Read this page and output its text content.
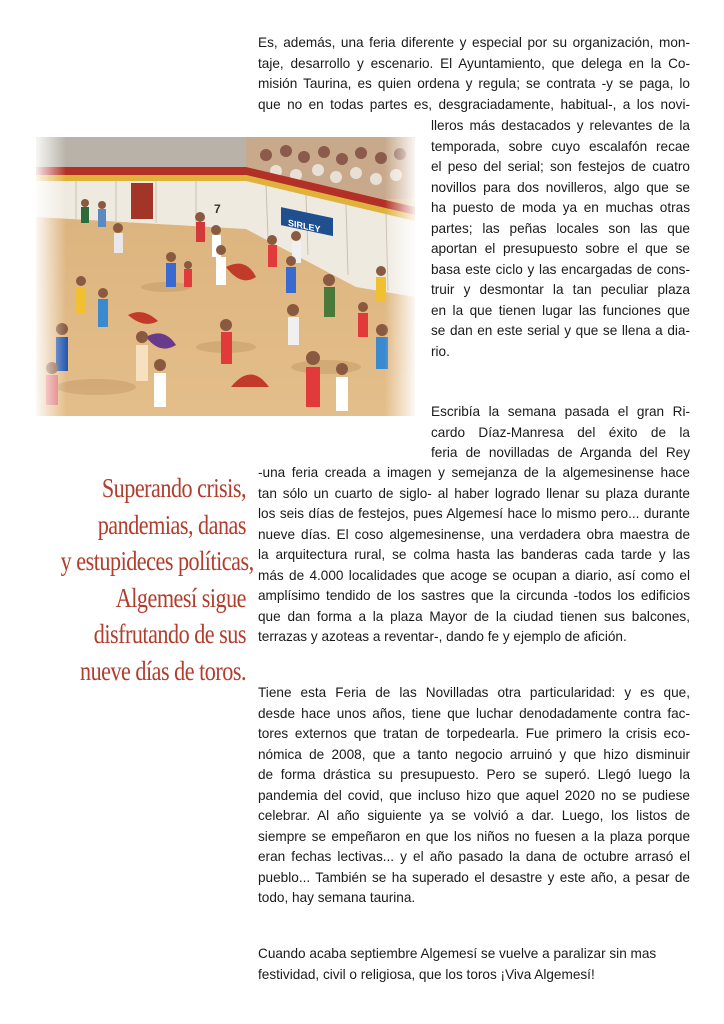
Es, además, una feria diferente y especial por su organización, mon-
taje, desarrollo y escenario. El Ayuntamiento, que delega en la Co-
misión Taurina, es quien ordena y regula; se contrata -y se paga, lo
que no en todas partes es, desgraciadamente, habitual-, a los novi-
lleros más destacados y relevantes de la
temporada, sobre cuyo escalafón recae
el peso del serial; son festejos de cuatro
novillos para dos novilleros, algo que se
ha puesto de moda ya en muchas otras
partes; las peñas locales son las que
aportan el presupuesto sobre el que se
basa este ciclo y las encargadas de cons-
truir y desmontar la tan peculiar plaza
en la que tienen lugar las funciones que
se dan en este serial y que se llena a dia-
rio.
Escribía la semana pasada el gran Ri-
cardo Díaz-Manresa del éxito de la
feria de novilladas de Arganda del Rey
-una feria creada a imagen y semejanza de la algemesinense hace
tan sólo un cuarto de siglo- al haber logrado llenar su plaza durante
los seis días de festejos, pues Algemesí hace lo mismo pero... durante
nueve días. El coso algemesinense, una verdadera obra maestra de
la arquitectura rural, se colma hasta las banderas cada tarde y las
más de 4.000 localidades que acoge se ocupan a diario, así como el
amplísimo tendido de los sastres que la circunda -todos los edificios
que dan forma a la plaza Mayor de la ciudad tienen sus balcones,
terrazas y azoteas a reventar-, dando fe y ejemplo de afición.
Superando crisis,
pandemias, danas
y estupideces políticas,
Algemesí sigue
disfrutando de sus
nueve días de toros.
Tiene esta Feria de las Novilladas otra particularidad: y es que,
desde hace unos años, tiene que luchar denodadamente contra fac-
tores externos que tratan de torpedearla. Fue primero la crisis eco-
nómica de 2008, que a tanto negocio arruinó y que hizo disminuir
de forma drástica su presupuesto. Pero se superó. Llegó luego la
pandemia del covid, que incluso hizo que aquel 2020 no se pudiese
celebrar. Al año siguiente ya se volvió a dar. Luego, los listos de
siempre se empeñaron en que los niños no fuesen a la plaza porque
eran fechas lectivas... y el año pasado la dana de octubre arrasó el
pueblo... También se ha superado el desastre y este año, a pesar de
todo, hay semana taurina.
Cuando acaba septiembre Algemesí se vuelve a paralizar sin mas
festividad, civil o religiosa, que los toros ¡Viva Algemesí!
